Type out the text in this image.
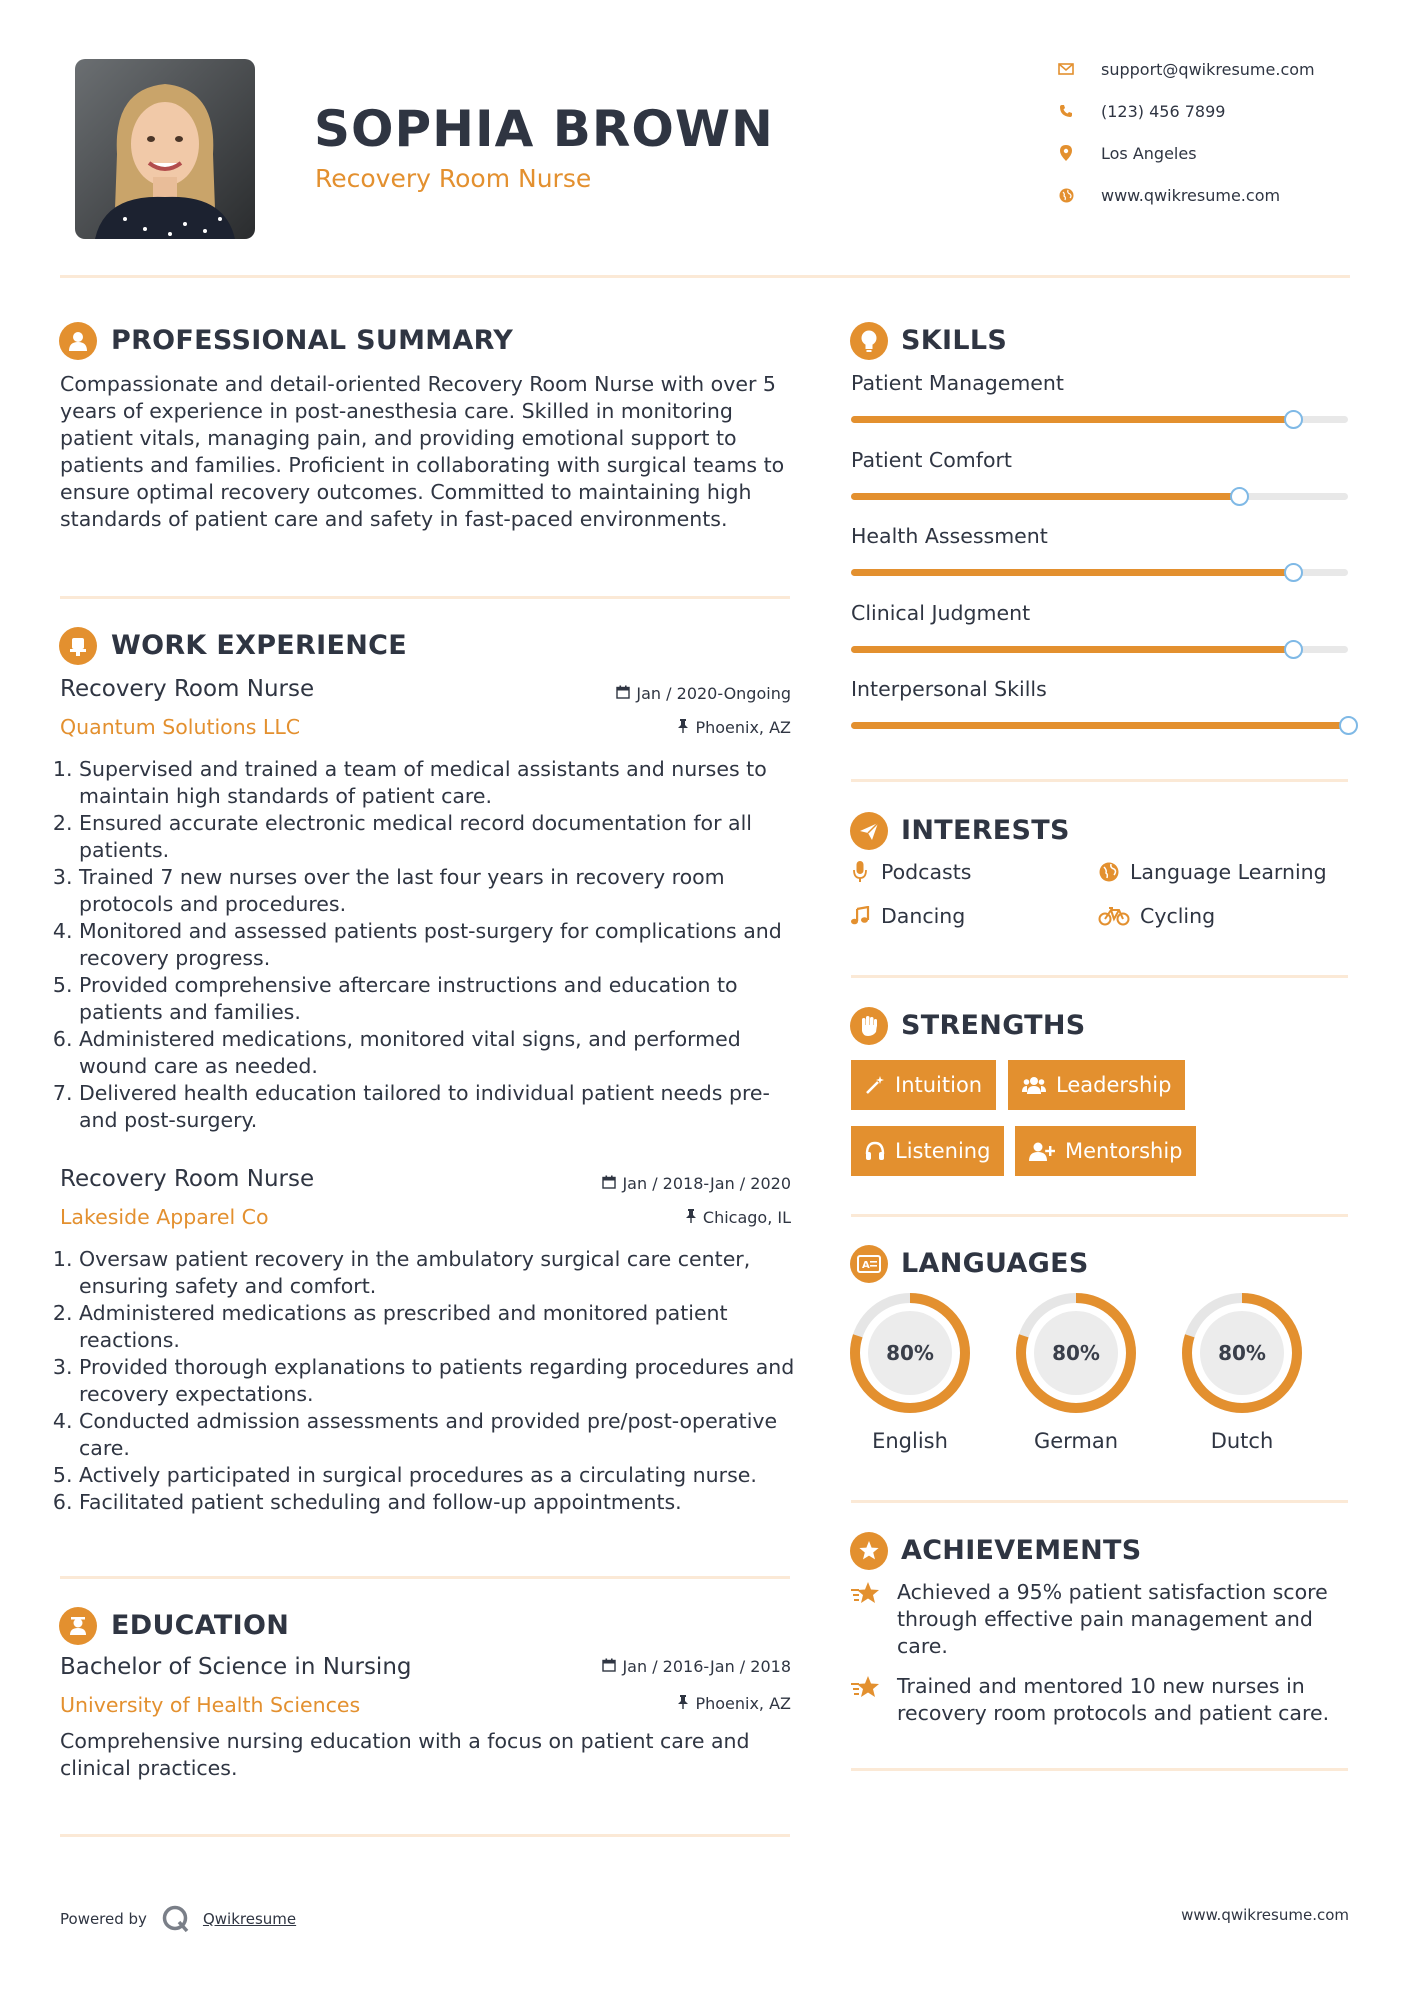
SOPHIA BROWN
Recovery Room Nurse
support@qwikresume.com
(123) 456 7899
Los Angeles
www.qwikresume.com
PROFESSIONAL SUMMARY
Compassionate and detail-oriented Recovery Room Nurse with over 5 years of experience in post-anesthesia care. Skilled in monitoring patient vitals, managing pain, and providing emotional support to patients and families. Proficient in collaborating with surgical teams to ensure optimal recovery outcomes. Committed to maintaining high standards of patient care and safety in fast-paced environments.
WORK EXPERIENCE
Recovery Room Nurse	Jan / 2020-Ongoing
Quantum Solutions LLC	Phoenix, AZ
1. Supervised and trained a team of medical assistants and nurses to maintain high standards of patient care.
2. Ensured accurate electronic medical record documentation for all patients.
3. Trained 7 new nurses over the last four years in recovery room protocols and procedures.
4. Monitored and assessed patients post-surgery for complications and recovery progress.
5. Provided comprehensive aftercare instructions and education to patients and families.
6. Administered medications, monitored vital signs, and performed wound care as needed.
7. Delivered health education tailored to individual patient needs pre- and post-surgery.
Recovery Room Nurse	Jan / 2018-Jan / 2020
Lakeside Apparel Co	Chicago, IL
1. Oversaw patient recovery in the ambulatory surgical care center, ensuring safety and comfort.
2. Administered medications as prescribed and monitored patient reactions.
3. Provided thorough explanations to patients regarding procedures and recovery expectations.
4. Conducted admission assessments and provided pre/post-operative care.
5. Actively participated in surgical procedures as a circulating nurse.
6. Facilitated patient scheduling and follow-up appointments.
EDUCATION
Bachelor of Science in Nursing	Jan / 2016-Jan / 2018
University of Health Sciences	Phoenix, AZ
Comprehensive nursing education with a focus on patient care and clinical practices.
SKILLS
Patient Management
Patient Comfort
Health Assessment
Clinical Judgment
Interpersonal Skills
INTERESTS
Podcasts	Language Learning
Dancing	Cycling
STRENGTHS
Intuition	Leadership
Listening	Mentorship
A LANGUAGES
80%
English
80%
German
80%
Dutch
ACHIEVEMENTS
Achieved a 95% patient satisfaction score through effective pain management and care.
Trained and mentored 10 new nurses in recovery room protocols and patient care.
Powered by	Qwikresume	www.qwikresume.com
